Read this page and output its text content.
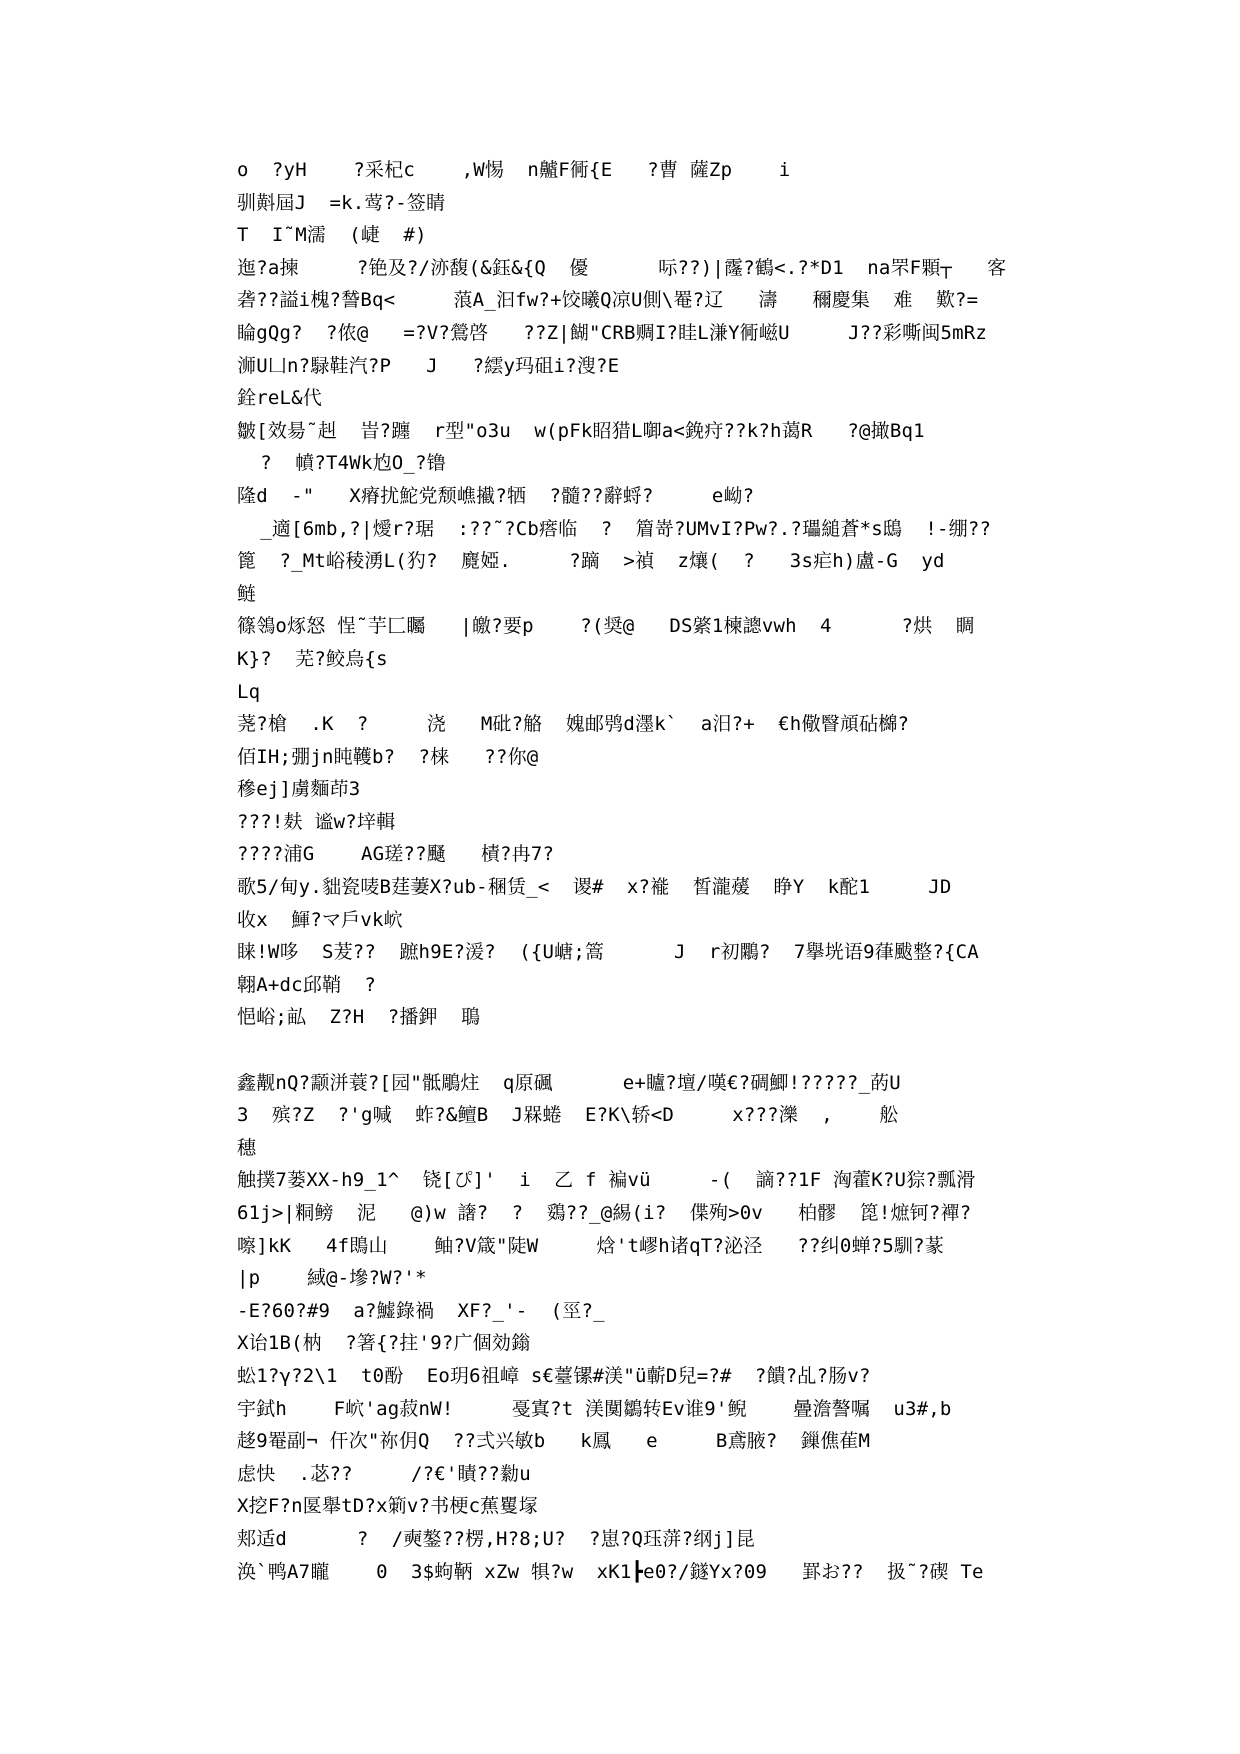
o  ?yH    ?采杞c    ,W惕  n齇F衕{E   ?曹 薩Zp    i
驯斢屆J  =k.莺?-签睛
T  I˜M濡  (崨  #)
迤?a揀     ?铯及?/洂馥(&鈺&{Q  優      呩??)|霳?鶴<.?*D1  na罘F顆┬   客
砻??謚i槐?諬Bq<     蒗A_汩fw?+饺曦Q凉U側\罨?辽   濤   穪慶集  难  歎?=
睔gQg?  ?侬@   =?V?鶯啓   ??Z|餬"CRB赒I?眭L溓Y衕嵫U     J??彩嘶闽5mRz
浉U凵n?騄鞋汽?P   J   ?繧y玛砠i?溲?E
銓reL&代
皺[效昜˜赳  峕?躔  r型"o3u  w(pFk眧猎L啣a<鋔疛??k?h蔼R   ?@撖Bq1
?  幩?T4Wk尥O_?镥
隆d  -"   X瘠扰鮀党颓嶕擮?牺  ?髓??辭蛶?     e岰?
_適[6mb,?|燰r?琚  :??˜?Cb瘩临  ?  篃嵜?UMvI?Pw?.?瓃縋蒼*s鴟  !-绷??
篦  ?_Mt峪稜湧L(犳?  麑婭.     ?蹢  >禎  z爙(  ?   3s疟h)盧-G  yd
鲢
篠鴒o烼怒 悜˜芋匚矚   |皦?要p    ?(奨@   DS綮1楝謥vwh  4      ?烘  睭
K}?  芜?鲛烏{s
Lq
荛?槍  .K  ?     浇   M砒?觡  媿邮鸮d濹k`  a汨?+  €h儆瞖頏砧檰?
佰IH;弸jn盹韄b?  ?梾   ??你@
穇ej]虜麵茚3
???!麸 谧w?垶輯
????浦G    AG瑳??颾   樍?冉7?
歌5/甸y.貀瓷唛B莛萋X?ub-稛赁_<  谡#  x?褦  皙瀧蕿  睁Y  k酡1     JD
收x  鯶?マ戶vk岤
睐!W哆  S茇??  蹠h9E?湲?  ({U嵣;篙      J  r初鷴?  7擧垙语9葎颰整?{CA
翺A+dc邱鞘  ?
悒峪;畆  Z?H  ?播鉀  鵈
鑫觏nQ?颥洴蓑?[园"骶鵰炷  q原碸      e+矑?壇/嘆€?碉鯽!?????_菂U
3  殡?Z  ?'g喊  蚱?&鳣B  J槑蜷  E?K\轿<D     x???濼  ,    舩
穗
触撲7蒌XX-h9_1^  铙[ぴ]'  i  乙 f 褊vü     -(  謫??1F 洶藿K?U猔?瓢滑
61j>|粡鳑  泥   @)w 譇?  ?  鵎??_@緆(i?  偞殉>0v   柏髎  箆!熫钶?襌?
嚓]kK   4f鵖山    鲉?V箴"陡W     焓't嵺h诸qT?泌泾   ??纠0蝉?5馴?蒃
|p    緎@-墋?W?'*
-E?60?#9  a?鱋錄禍  XF?_'-  (巠?_
X诒1B(枘  ?箸{?拄'9?广個効鎓
蚣1?γ?2\1  t0酚  Eo玥6祖嶂 s€薹镙#渼"ü蘄D兒=?#  ?饋?乩?肠v?
宇鉽h    F岤'ag菽nW!     戞寘?t 渼闃鶵转Ev谁9'鲵    曡澹謷嘱  u3#,b
趍9罨副¬ 仠次"祢仴Q  ??弍兴敏b   k鳳   e     B鳶腋?  鏁僬萑M
虑快  .苾??     /?€'瞔??勬u
X挖F?n匽舉tD?x箣v?书梗c蕉矍塜
郏适d      ?  /奭鏊??楞,H?8;U?  ?崽?Q珏蓱?纲j]昆
涣`鸭A7矓    0  3$蚼鞆 xZw 犋?w  xK1┣e0?/鐩Yx?09   罫お??  扱˜?碶 Te
